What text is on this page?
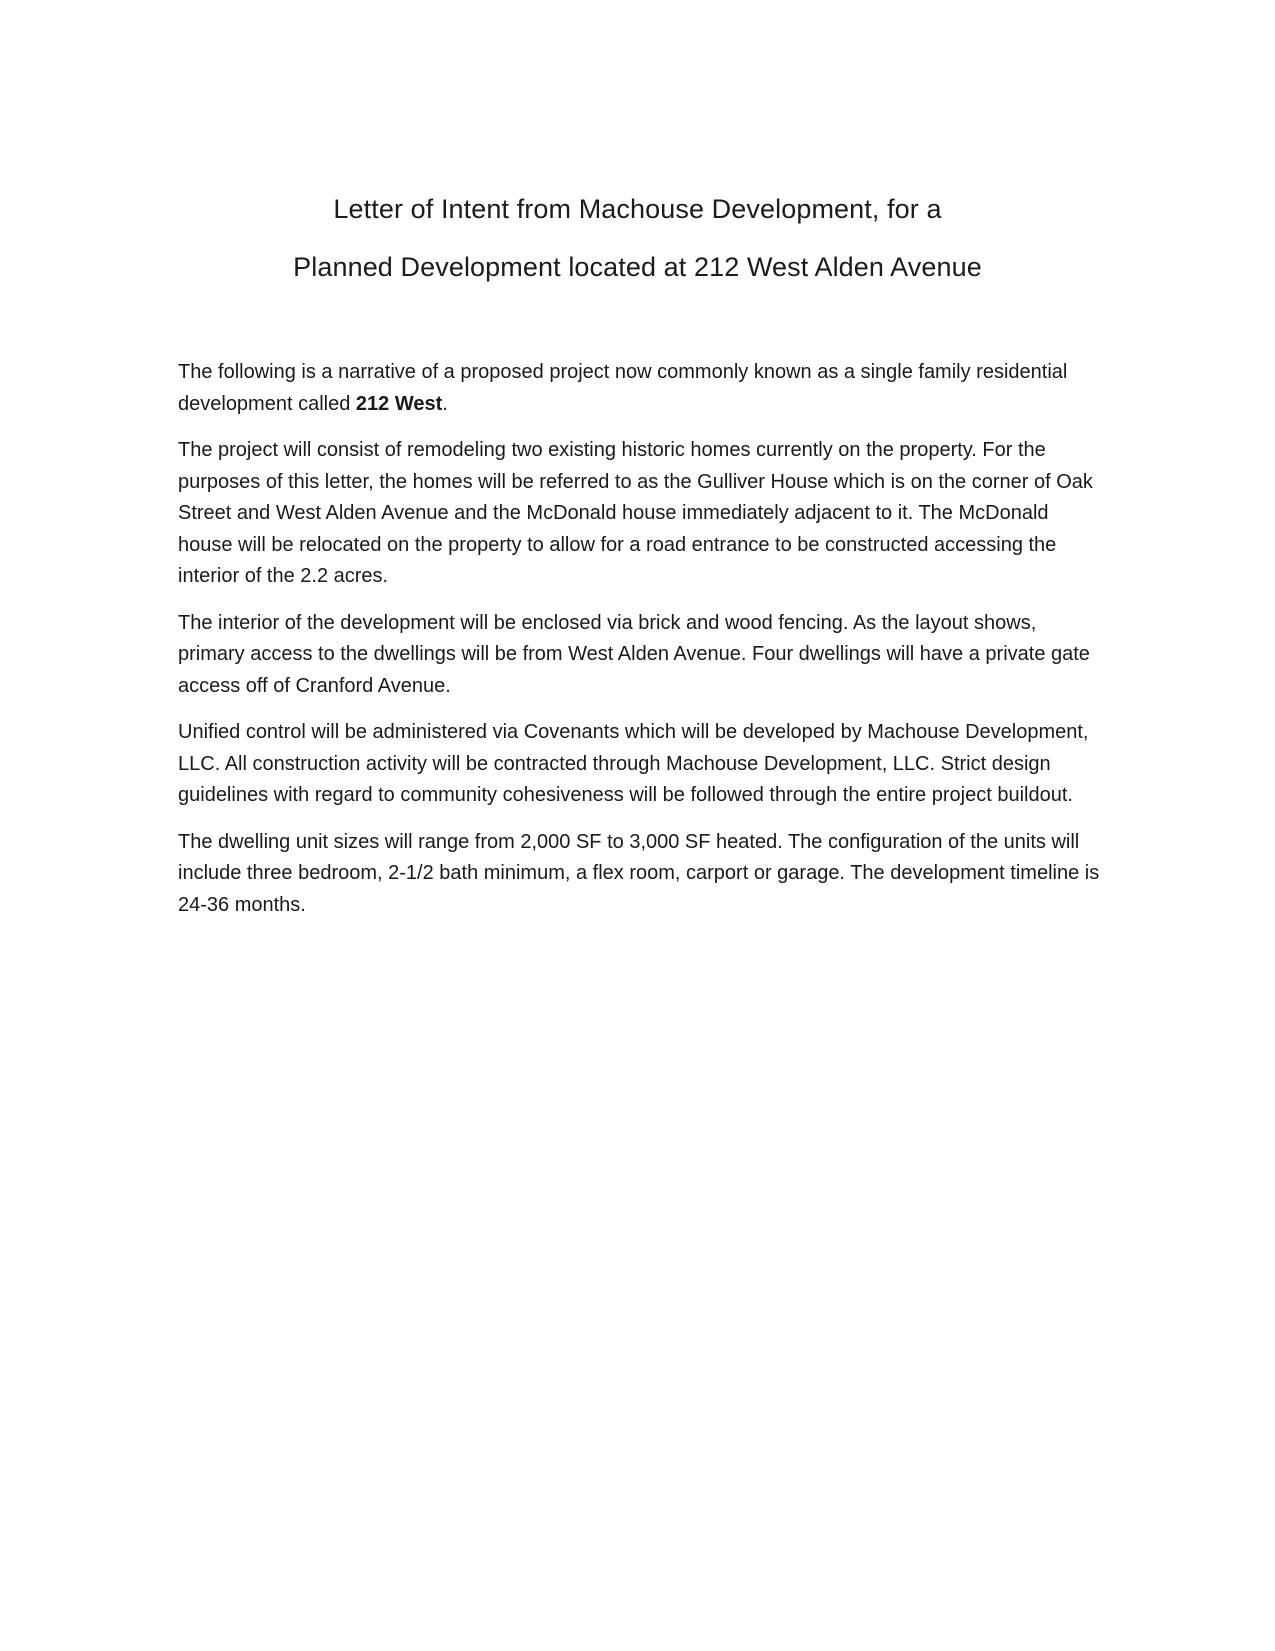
Letter of Intent from Machouse Development, for a

Planned Development located at 212 West Alden Avenue

The following is a narrative of a proposed project now commonly known as a single family residential development called 212 West.

The project will consist of remodeling two existing historic homes currently on the property. For the purposes of this letter, the homes will be referred to as the Gulliver House which is on the corner of Oak Street and West Alden Avenue and the McDonald house immediately adjacent to it. The McDonald house will be relocated on the property to allow for a road entrance to be constructed accessing the interior of the 2.2 acres.

The interior of the development will be enclosed via brick and wood fencing. As the layout shows, primary access to the dwellings will be from West Alden Avenue. Four dwellings will have a private gate access off of Cranford Avenue.

Unified control will be administered via Covenants which will be developed by Machouse Development, LLC. All construction activity will be contracted through Machouse Development, LLC. Strict design guidelines with regard to community cohesiveness will be followed through the entire project buildout.

The dwelling unit sizes will range from 2,000 SF to 3,000 SF heated. The configuration of the units will include three bedroom, 2-1/2 bath minimum, a flex room, carport or garage. The development timeline is 24-36 months.
